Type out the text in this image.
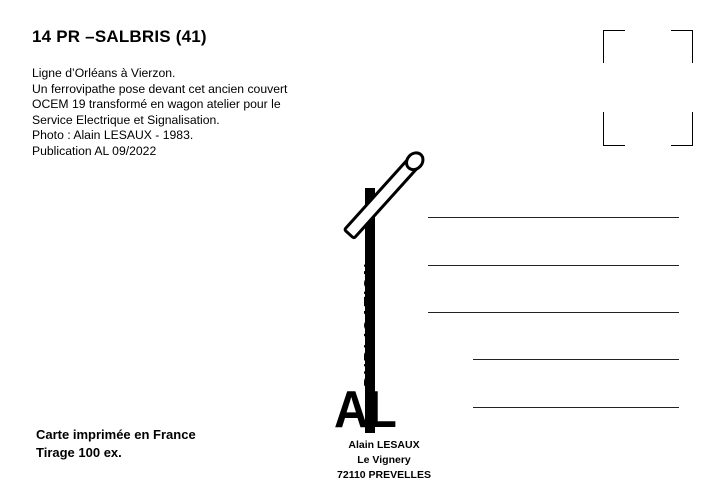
14 PR –SALBRIS (41)
Ligne d’Orléans à Vierzon.
Un ferrovipathe pose devant cet ancien couvert
OCEM 19 transformé en wagon atelier pour le
Service Electrique et Signalisation.
Photo : Alain LESAUX - 1983.
Publication AL 09/2022
PUBLICATION
AL
Alain LESAUX
Le Vignery
72110 PREVELLES
Carte imprimée en France
Tirage 100 ex.
